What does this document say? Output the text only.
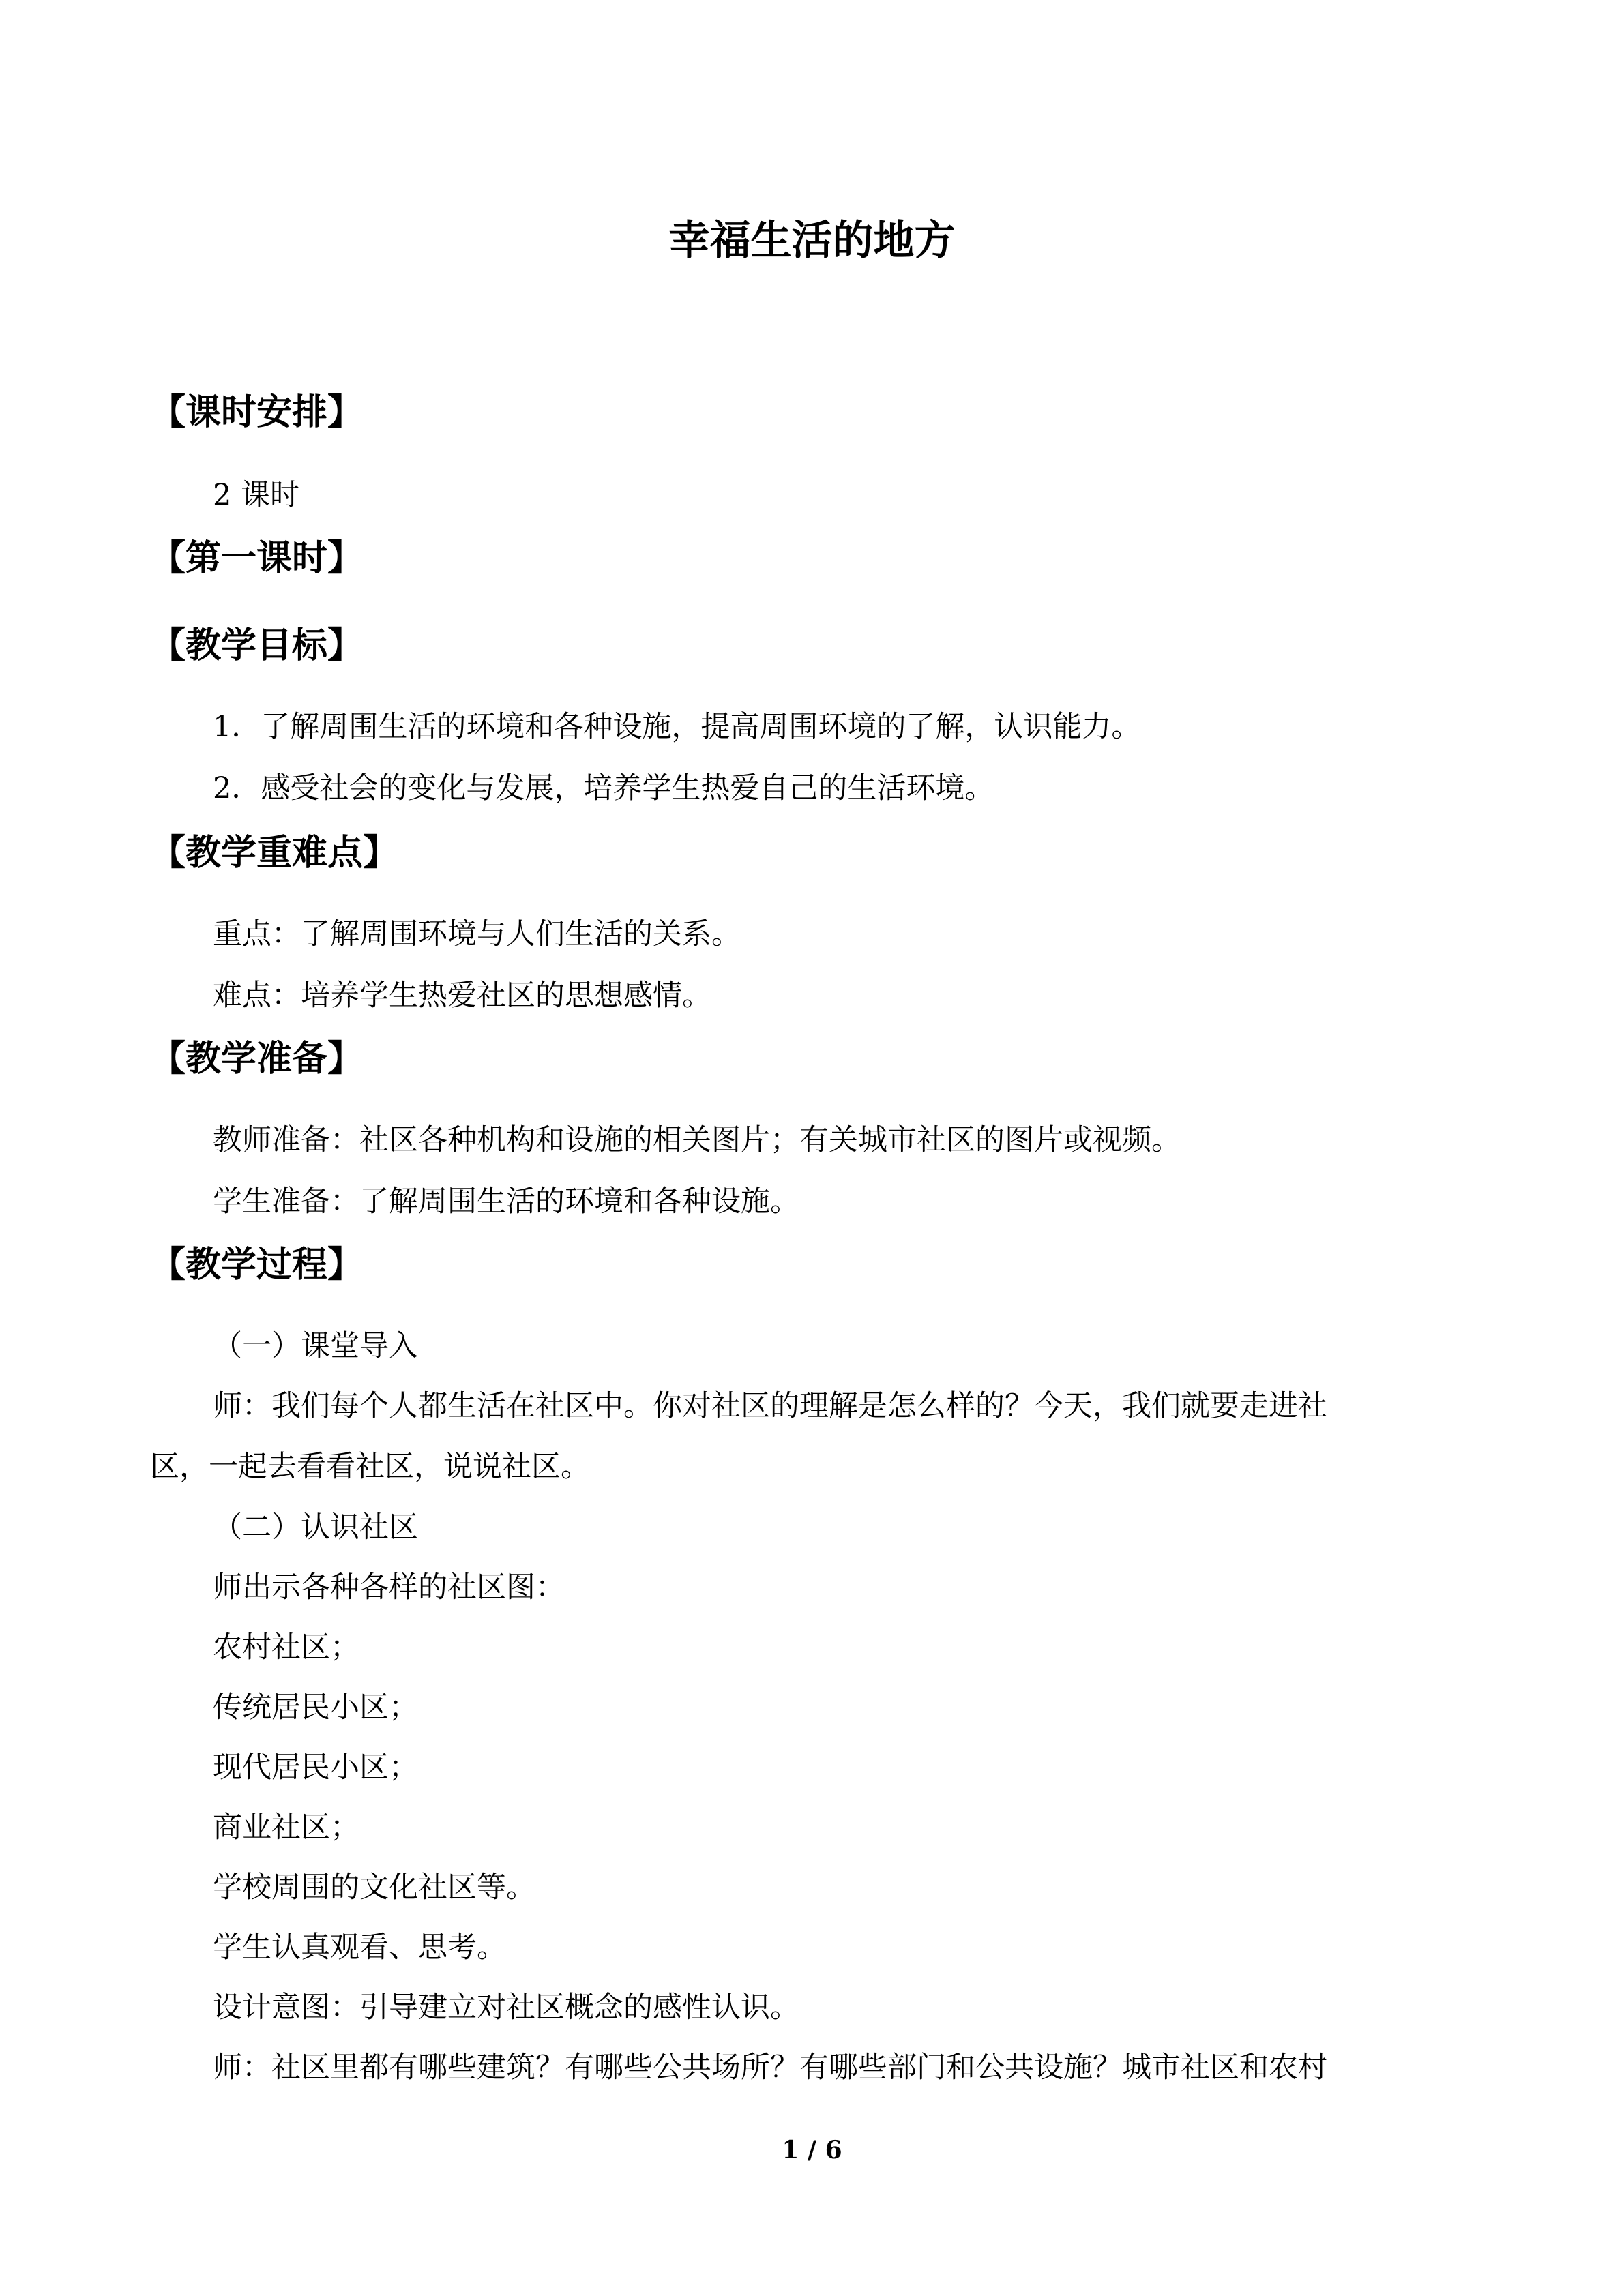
幸福生活的地方
【课时安排】
2 课时
【第一课时】
【教学目标】
1．了解周围生活的环境和各种设施，提高周围环境的了解，认识能力。
2．感受社会的变化与发展，培养学生热爱自己的生活环境。
【教学重难点】
重点：了解周围环境与人们生活的关系。
难点：培养学生热爱社区的思想感情。
【教学准备】
教师准备：社区各种机构和设施的相关图片；有关城市社区的图片或视频。
学生准备：了解周围生活的环境和各种设施。
【教学过程】
（一）课堂导入
师：我们每个人都生活在社区中。你对社区的理解是怎么样的？今天，我们就要走进社
区，一起去看看社区，说说社区。
（二）认识社区
师出示各种各样的社区图：
农村社区；
传统居民小区；
现代居民小区；
商业社区；
学校周围的文化社区等。
学生认真观看、思考。
设计意图：引导建立对社区概念的感性认识。
师：社区里都有哪些建筑？有哪些公共场所？有哪些部门和公共设施？城市社区和农村
1 / 6
